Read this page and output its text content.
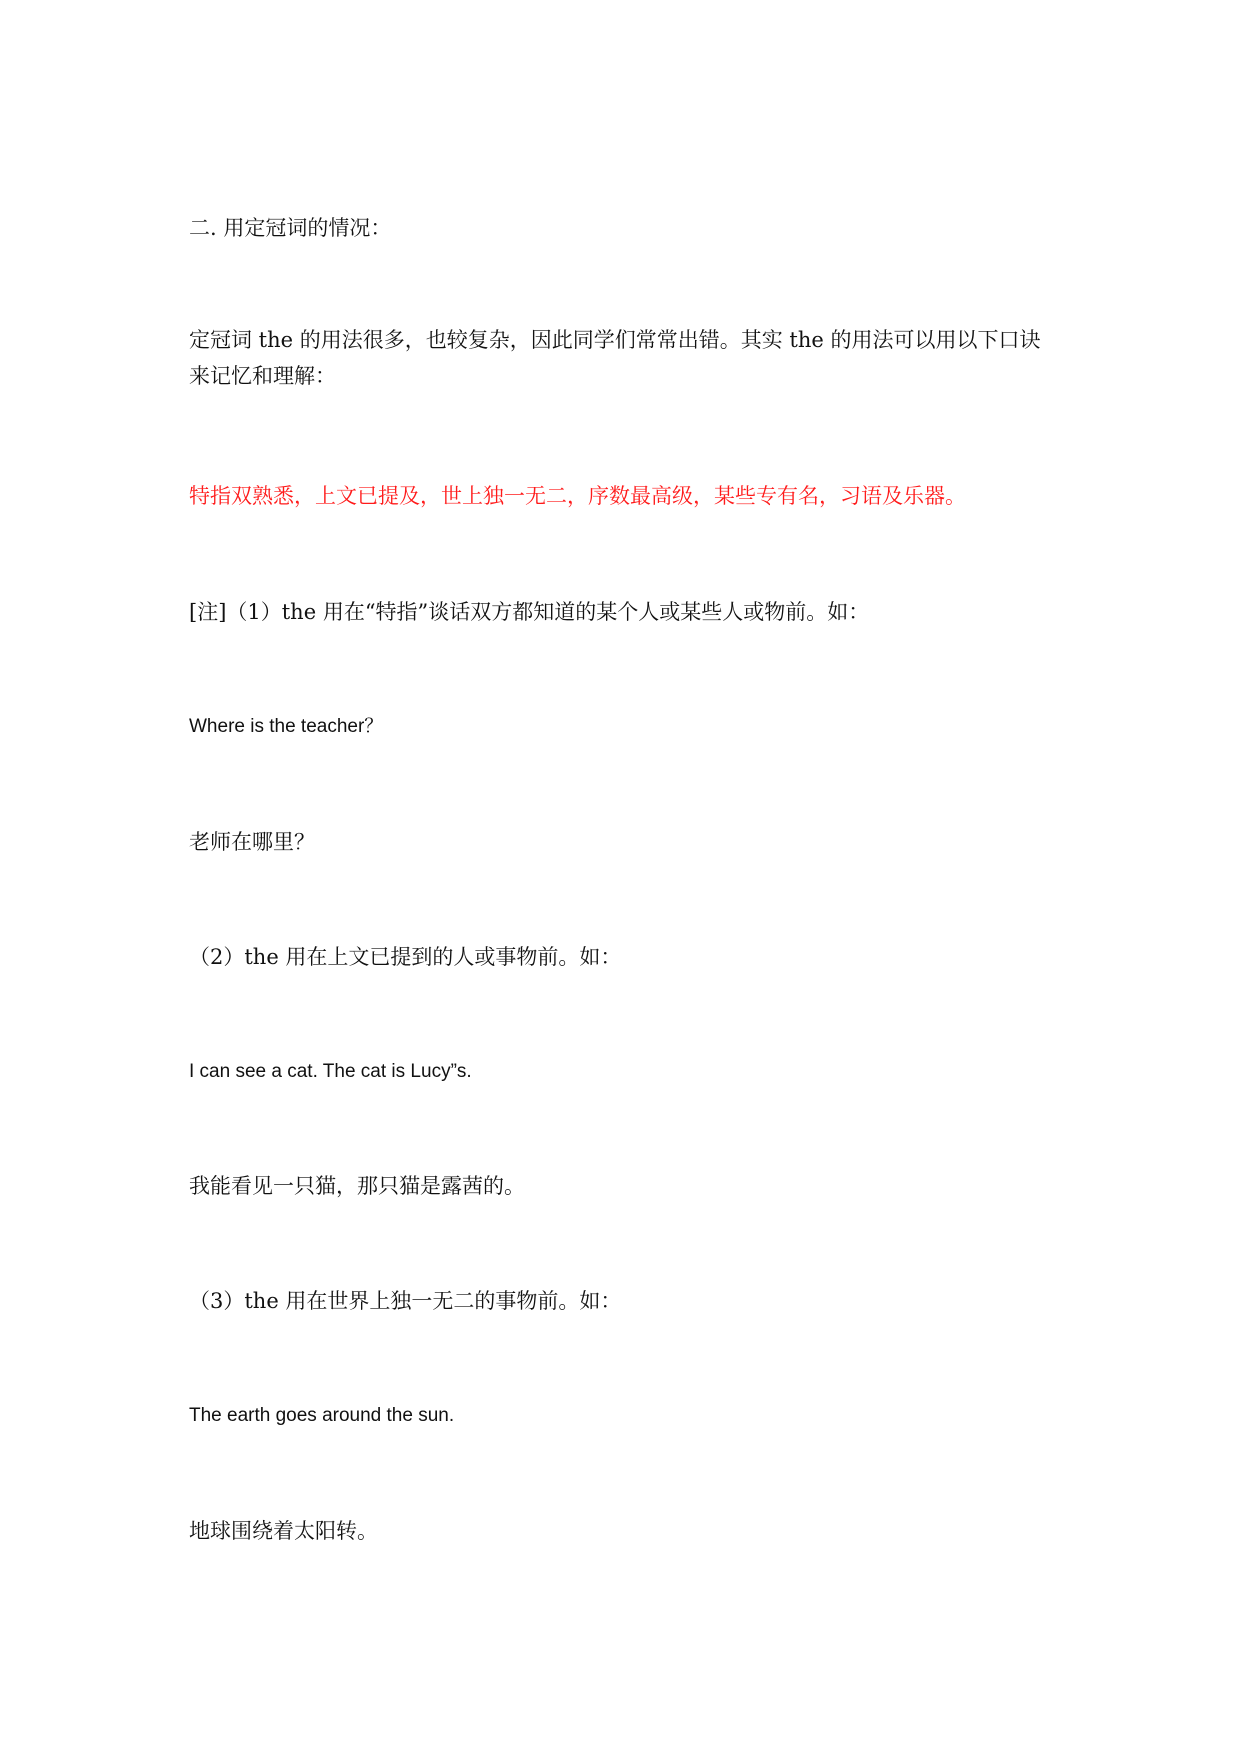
二. 用定冠词的情况：

定冠词 the 的用法很多，也较复杂，因此同学们常常出错。其实 the 的用法可以用以下口诀

来记忆和理解：

特指双熟悉，上文已提及，世上独一无二，序数最高级，某些专有名，习语及乐器。

[注]（1）the 用在“特指”谈话双方都知道的某个人或某些人或物前。如：

Where is the teacher？

老师在哪里？

（2）the 用在上文已提到的人或事物前。如：

I can see a cat. The cat is Lucy”s.

我能看见一只猫，那只猫是露茜的。

（3）the 用在世界上独一无二的事物前。如：

The earth goes around the sun.

地球围绕着太阳转。
